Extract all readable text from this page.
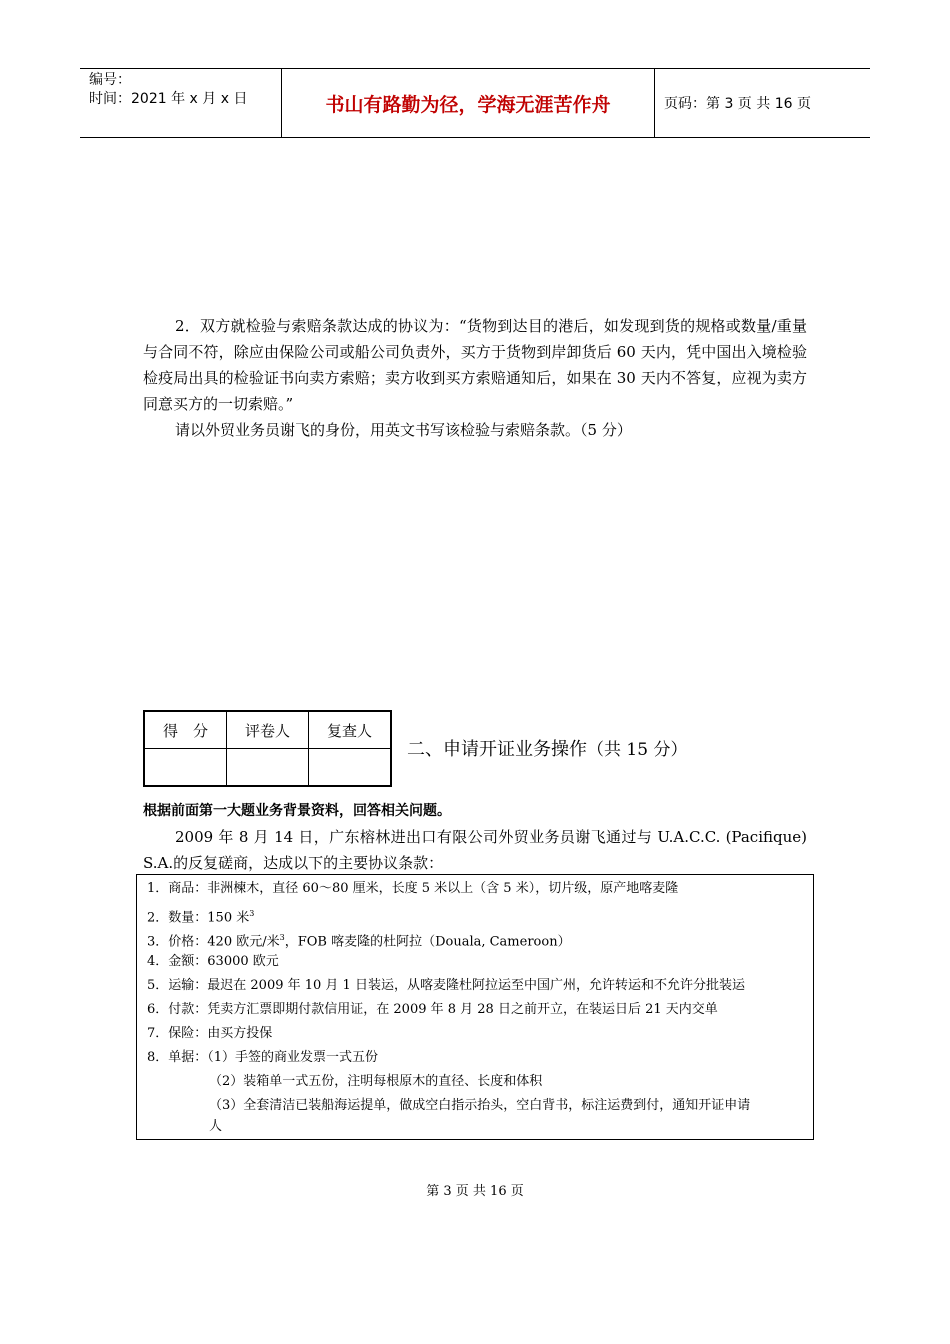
编号：
时间：2021 年 x 月 x 日	书山有路勤为径，学海无涯苦作舟	页码：第 3 页 共 16 页

2．双方就检验与索赔条款达成的协议为：“货物到达目的港后，如发现到货的规格或数量/重量与合同不符，除应由保险公司或船公司负责外，买方于货物到岸卸货后 60 天内，凭中国出入境检验检疫局出具的检验证书向卖方索赔；卖方收到买方索赔通知后，如果在 30 天内不答复，应视为卖方同意买方的一切索赔。”

请以外贸业务员谢飞的身份，用英文书写该检验与索赔条款。（5 分）

得　分	评卷人	复查人

二、申请开证业务操作（共 15 分）
根据前面第一大题业务背景资料，回答相关问题。

2009 年 8 月 14 日，广东榕林进出口有限公司外贸业务员谢飞通过与 U.A.C.C. (Pacifique) S.A.的反复磋商，达成以下的主要协议条款：

1．商品：非洲楝木，直径 60～80 厘米，长度 5 米以上（含 5 米），切片级，原产地喀麦隆
2．数量：150 米$^3$
3．价格：420 欧元/米$^3$，FOB 喀麦隆的杜阿拉（Douala, Cameroon）
4．金额：63000 欧元
5．运输：最迟在 2009 年 10 月 1 日装运，从喀麦隆杜阿拉运至中国广州，允许转运和不允许分批装运
6．付款：凭卖方汇票即期付款信用证，在 2009 年 8 月 28 日之前开立，在装运日后 21 天内交单
7．保险：由买方投保
8．单据：（1）手签的商业发票一式五份
（2）装箱单一式五份，注明每根原木的直径、长度和体积
（3）全套清洁已装船海运提单，做成空白指示抬头，空白背书，标注运费到付，通知开证申请
人
第 3 页 共 16 页
